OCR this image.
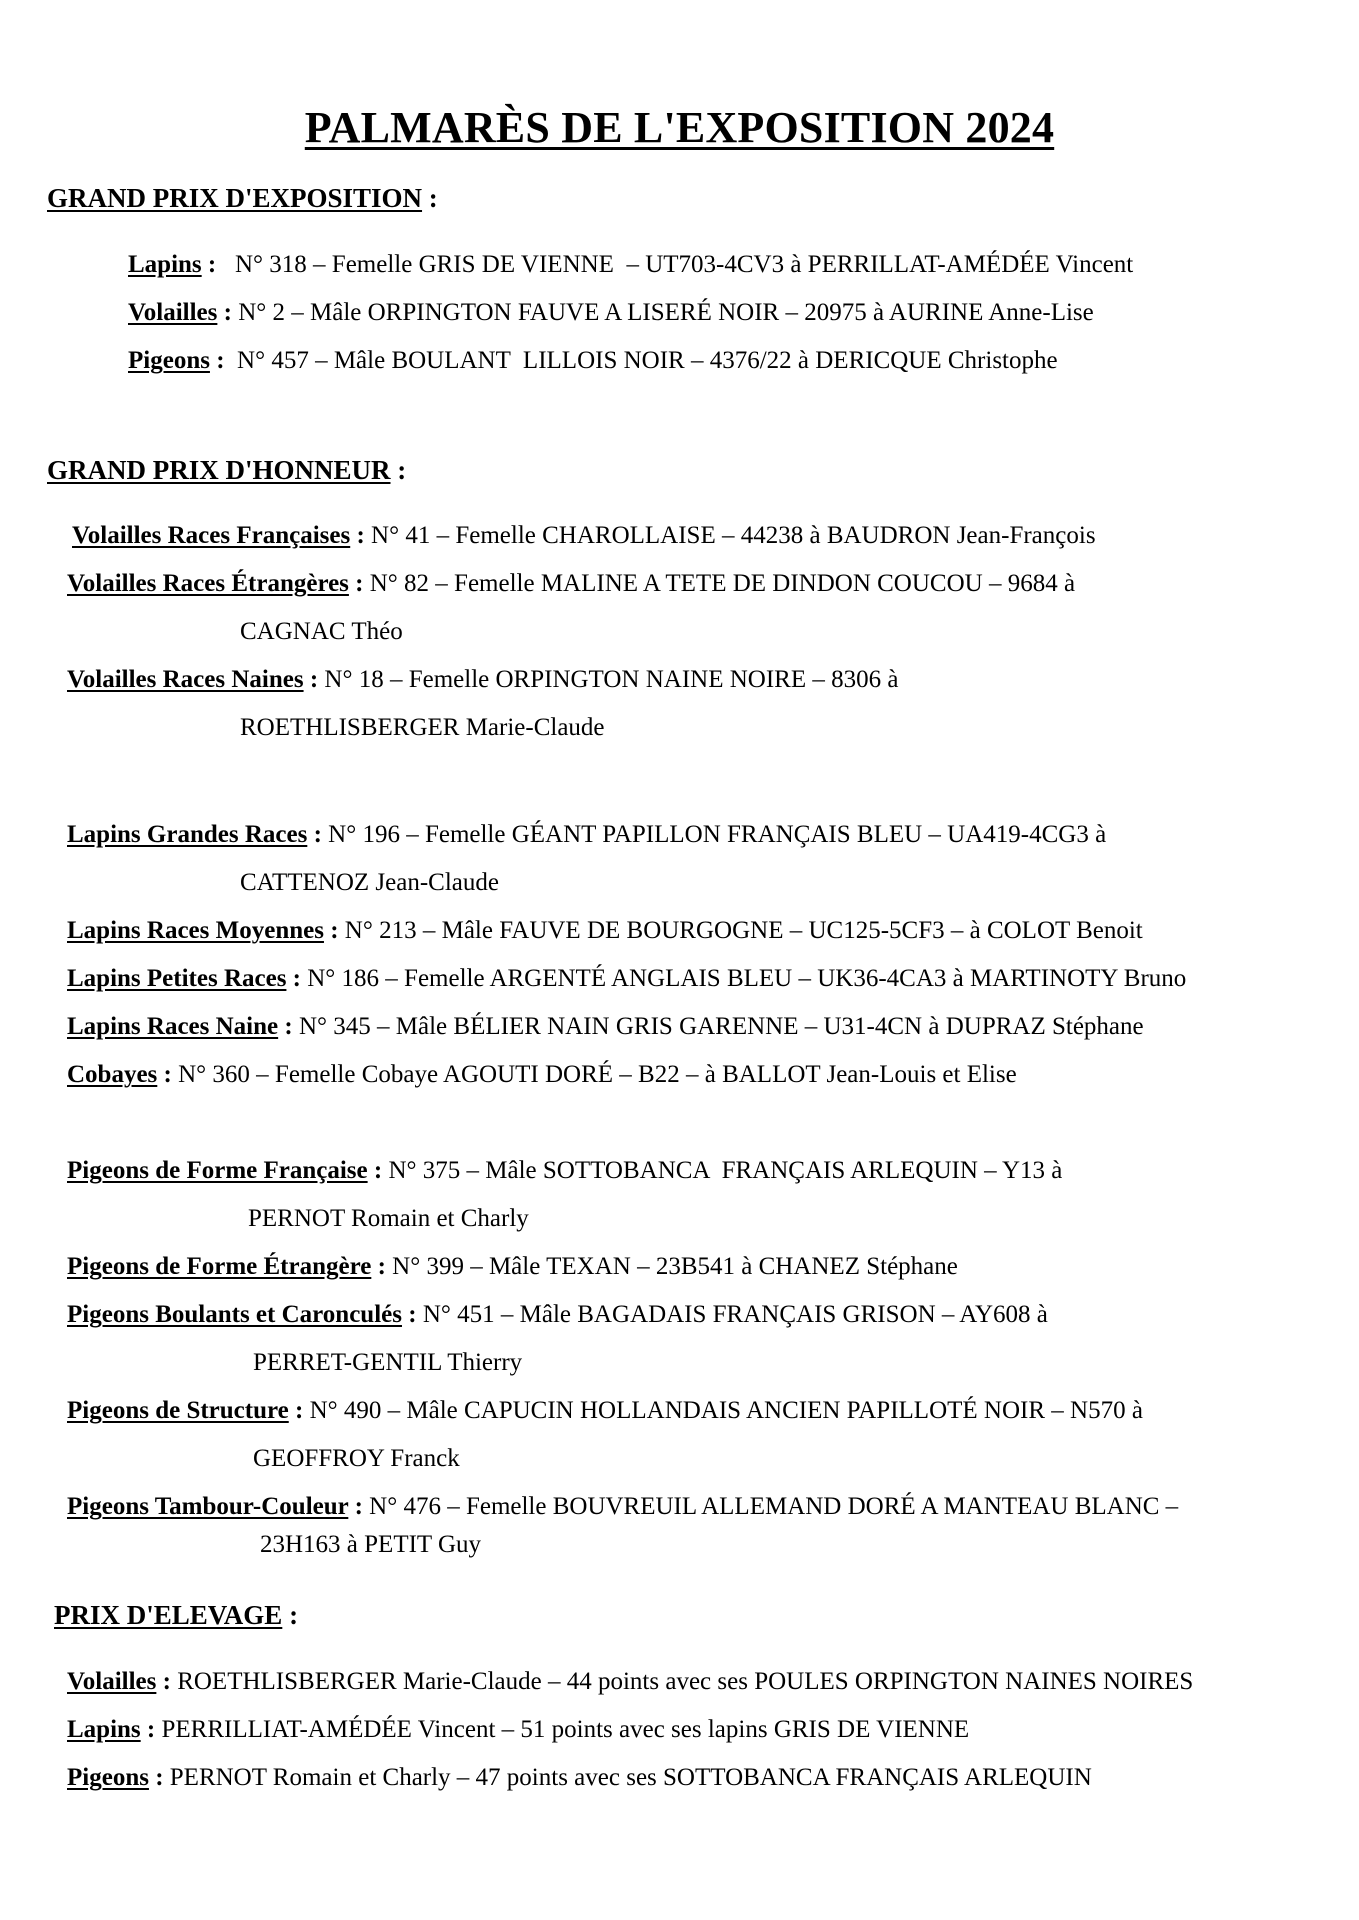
PALMARÈS DE L'EXPOSITION 2024
GRAND PRIX D'EXPOSITION :
Lapins :   N° 318 – Femelle GRIS DE VIENNE  – UT703-4CV3 à PERRILLAT-AMÉDÉE Vincent
Volailles : N° 2 – Mâle ORPINGTON FAUVE A LISERÉ NOIR – 20975 à AURINE Anne-Lise
Pigeons :  N° 457 – Mâle BOULANT  LILLOIS NOIR – 4376/22 à DERICQUE Christophe
GRAND PRIX D'HONNEUR :
Volailles Races Françaises : N° 41 – Femelle CHAROLLAISE – 44238 à BAUDRON Jean-François
Volailles Races Étrangères : N° 82 – Femelle MALINE A TETE DE DINDON COUCOU – 9684 à
CAGNAC Théo
Volailles Races Naines : N° 18 – Femelle ORPINGTON NAINE NOIRE – 8306 à
ROETHLISBERGER Marie-Claude
Lapins Grandes Races : N° 196 – Femelle GÉANT PAPILLON FRANÇAIS BLEU – UA419-4CG3 à
CATTENOZ Jean-Claude
Lapins Races Moyennes : N° 213 – Mâle FAUVE DE BOURGOGNE – UC125-5CF3 – à COLOT Benoit
Lapins Petites Races : N° 186 – Femelle ARGENTÉ ANGLAIS BLEU – UK36-4CA3 à MARTINOTY Bruno
Lapins Races Naine : N° 345 – Mâle BÉLIER NAIN GRIS GARENNE – U31-4CN à DUPRAZ Stéphane
Cobayes : N° 360 – Femelle Cobaye AGOUTI DORÉ – B22 – à BALLOT Jean-Louis et Elise
Pigeons de Forme Française : N° 375 – Mâle SOTTOBANCA  FRANÇAIS ARLEQUIN – Y13 à
PERNOT Romain et Charly
Pigeons de Forme Étrangère : N° 399 – Mâle TEXAN – 23B541 à CHANEZ Stéphane
Pigeons Boulants et Caronculés : N° 451 – Mâle BAGADAIS FRANÇAIS GRISON – AY608 à
PERRET-GENTIL Thierry
Pigeons de Structure : N° 490 – Mâle CAPUCIN HOLLANDAIS ANCIEN PAPILLOTÉ NOIR – N570 à
GEOFFROY Franck
Pigeons Tambour-Couleur : N° 476 – Femelle BOUVREUIL ALLEMAND DORÉ A MANTEAU BLANC –
23H163 à PETIT Guy
PRIX D'ELEVAGE :
Volailles : ROETHLISBERGER Marie-Claude – 44 points avec ses POULES ORPINGTON NAINES NOIRES
Lapins : PERRILLIAT-AMÉDÉE Vincent – 51 points avec ses lapins GRIS DE VIENNE
Pigeons : PERNOT Romain et Charly – 47 points avec ses SOTTOBANCA FRANÇAIS ARLEQUIN
